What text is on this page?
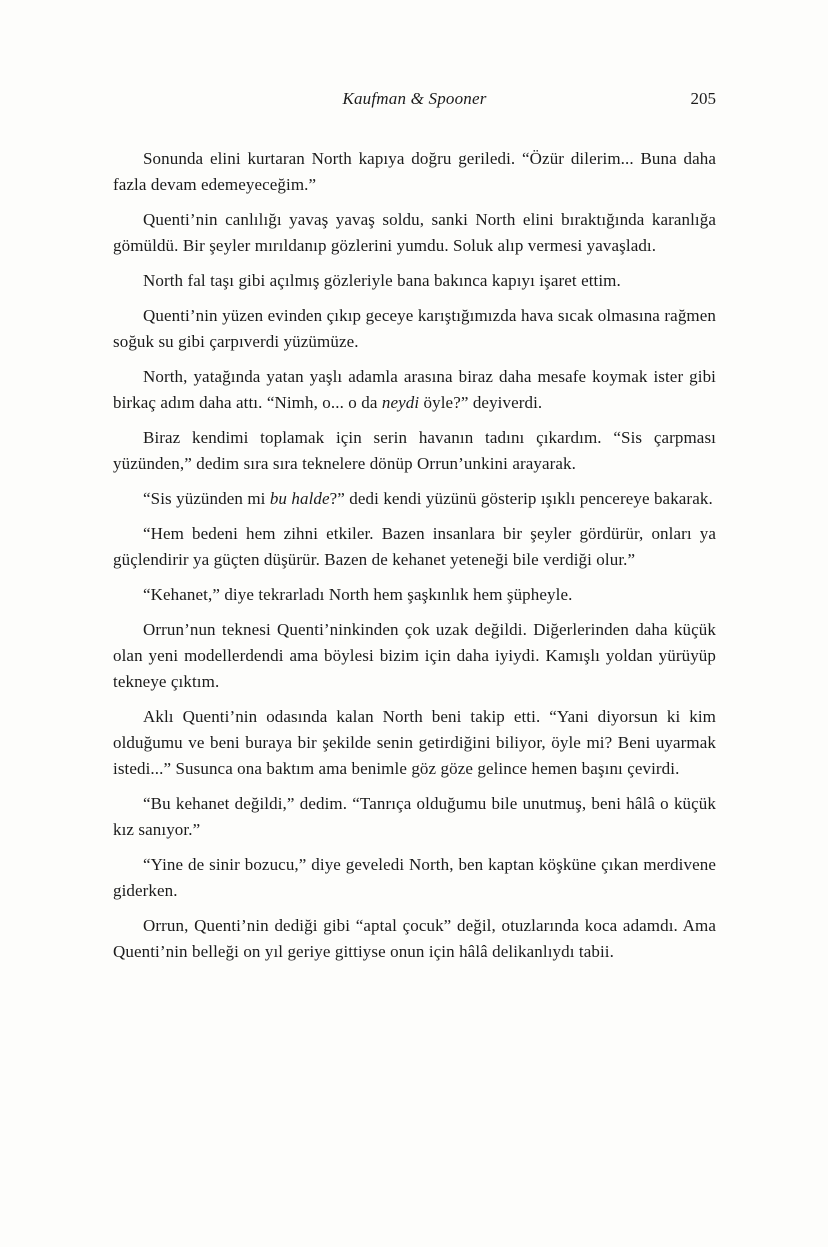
Kaufman & Spooner	205

Sonunda elini kurtaran North kapıya doğru geriledi. “Özür dilerim... Buna daha fazla devam edemeyeceğim.”

Quenti’nin canlılığı yavaş yavaş soldu, sanki North elini bıraktığında karanlığa gömüldü. Bir şeyler mırıldanıp gözlerini yumdu. Soluk alıp vermesi yavaşladı.

North fal taşı gibi açılmış gözleriyle bana bakınca kapıyı işaret ettim.

Quenti’nin yüzen evinden çıkıp geceye karıştığımızda hava sıcak olmasına rağmen soğuk su gibi çarpıverdi yüzümüze.

North, yatağında yatan yaşlı adamla arasına biraz daha mesafe koymak ister gibi birkaç adım daha attı. “Nimh, o... o da neydi öyle?” deyiverdi.

Biraz kendimi toplamak için serin havanın tadını çıkardım. “Sis çarpması yüzünden,” dedim sıra sıra teknelere dönüp Orrun’unkini arayarak.

“Sis yüzünden mi bu halde?” dedi kendi yüzünü gösterip ışıklı pencereye bakarak.

“Hem bedeni hem zihni etkiler. Bazen insanlara bir şeyler gördürür, onları ya güçlendirir ya güçten düşürür. Bazen de kehanet yeteneği bile verdiği olur.”

“Kehanet,” diye tekrarladı North hem şaşkınlık hem şüpheyle.

Orrun’nun teknesi Quenti’ninkinden çok uzak değildi. Diğerlerinden daha küçük olan yeni modellerdendi ama böylesi bizim için daha iyiydi. Kamışlı yoldan yürüyüp tekneye çıktım.

Aklı Quenti’nin odasında kalan North beni takip etti. “Yani diyorsun ki kim olduğumu ve beni buraya bir şekilde senin getirdiğini biliyor, öyle mi? Beni uyarmak istedi...” Susunca ona baktım ama benimle göz göze gelince hemen başını çevirdi.

“Bu kehanet değildi,” dedim. “Tanrıça olduğumu bile unutmuş, beni hâlâ o küçük kız sanıyor.”

“Yine de sinir bozucu,” diye geveledi North, ben kaptan köşküne çıkan merdivene giderken.

Orrun, Quenti’nin dediği gibi “aptal çocuk” değil, otuzlarında koca adamdı. Ama Quenti’nin belleği on yıl geriye gittiyse onun için hâlâ delikanlıydı tabii.
